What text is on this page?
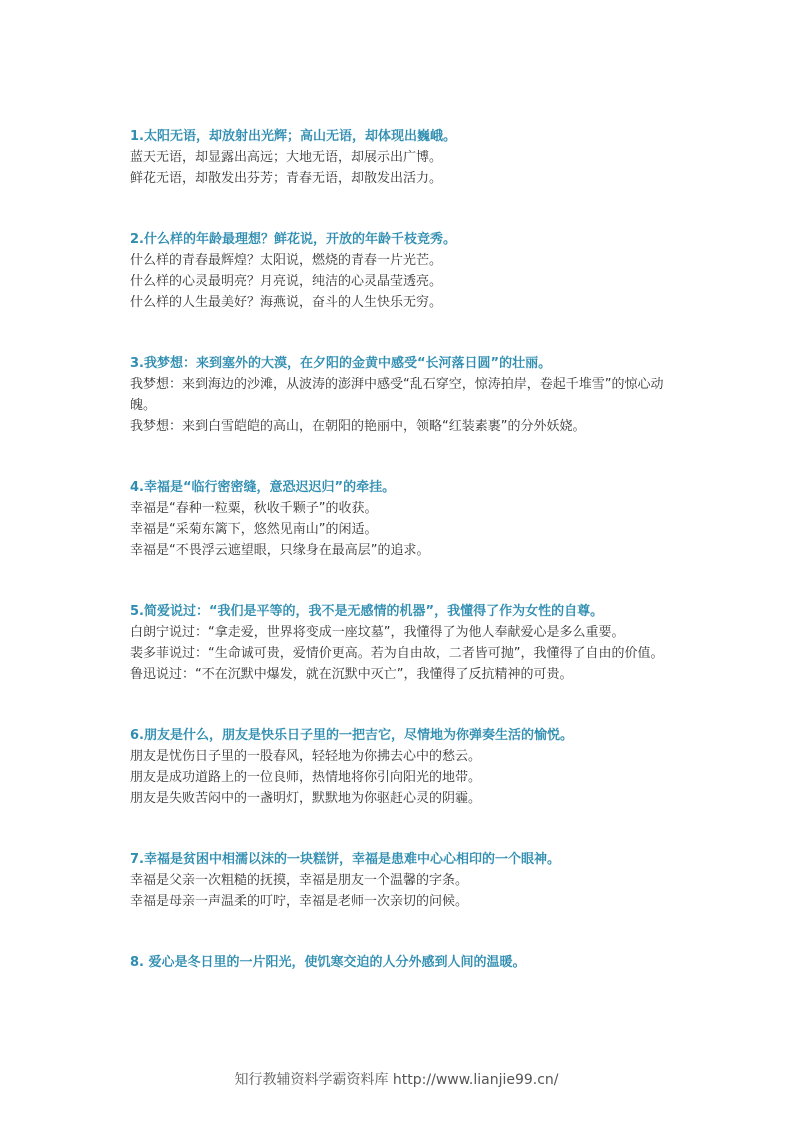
1.太阳无语，却放射出光辉；高山无语，却体现出巍峨。

蓝天无语，却显露出高远；大地无语，却展示出广博。

鲜花无语，却散发出芬芳；青春无语，却散发出活力。

2.什么样的年龄最理想？鲜花说，开放的年龄千枝竞秀。

什么样的青春最辉煌？太阳说，燃烧的青春一片光芒。

什么样的心灵最明亮？月亮说，纯洁的心灵晶莹透亮。

什么样的人生最美好？海燕说，奋斗的人生快乐无穷。

3.我梦想：来到塞外的大漠，在夕阳的金黄中感受“长河落日圆”的壮丽。

我梦想：来到海边的沙滩，从波涛的澎湃中感受“乱石穿空，惊涛拍岸，卷起千堆雪”的惊心动魄。

我梦想：来到白雪皑皑的高山，在朝阳的艳丽中，领略“红装素裹”的分外妖娆。

4.幸福是“临行密密缝，意恐迟迟归”的牵挂。

幸福是“春种一粒粟，秋收千颗子”的收获。

幸福是“采菊东篱下，悠然见南山”的闲适。

幸福是“不畏浮云遮望眼，只缘身在最高层”的追求。

5.简爱说过：“我们是平等的，我不是无感情的机器”，我懂得了作为女性的自尊。

白朗宁说过：“拿走爱，世界将变成一座坟墓”，我懂得了为他人奉献爱心是多么重要。

裴多菲说过：“生命诚可贵，爱情价更高。若为自由故，二者皆可抛”，我懂得了自由的价值。

鲁迅说过：“不在沉默中爆发，就在沉默中灭亡”，我懂得了反抗精神的可贵。

6.朋友是什么，朋友是快乐日子里的一把吉它，尽情地为你弹奏生活的愉悦。

朋友是忧伤日子里的一股春风，轻轻地为你拂去心中的愁云。

朋友是成功道路上的一位良师，热情地将你引向阳光的地带。

朋友是失败苦闷中的一盏明灯，默默地为你驱赶心灵的阴霾。

7.幸福是贫困中相濡以沫的一块糕饼，幸福是患难中心心相印的一个眼神。

幸福是父亲一次粗糙的抚摸，幸福是朋友一个温馨的字条。

幸福是母亲一声温柔的叮咛，幸福是老师一次亲切的问候。

8. 爱心是冬日里的一片阳光，使饥寒交迫的人分外感到人间的温暖。

知行教辅资料学霸资料库 http://www.lianjie99.cn/
